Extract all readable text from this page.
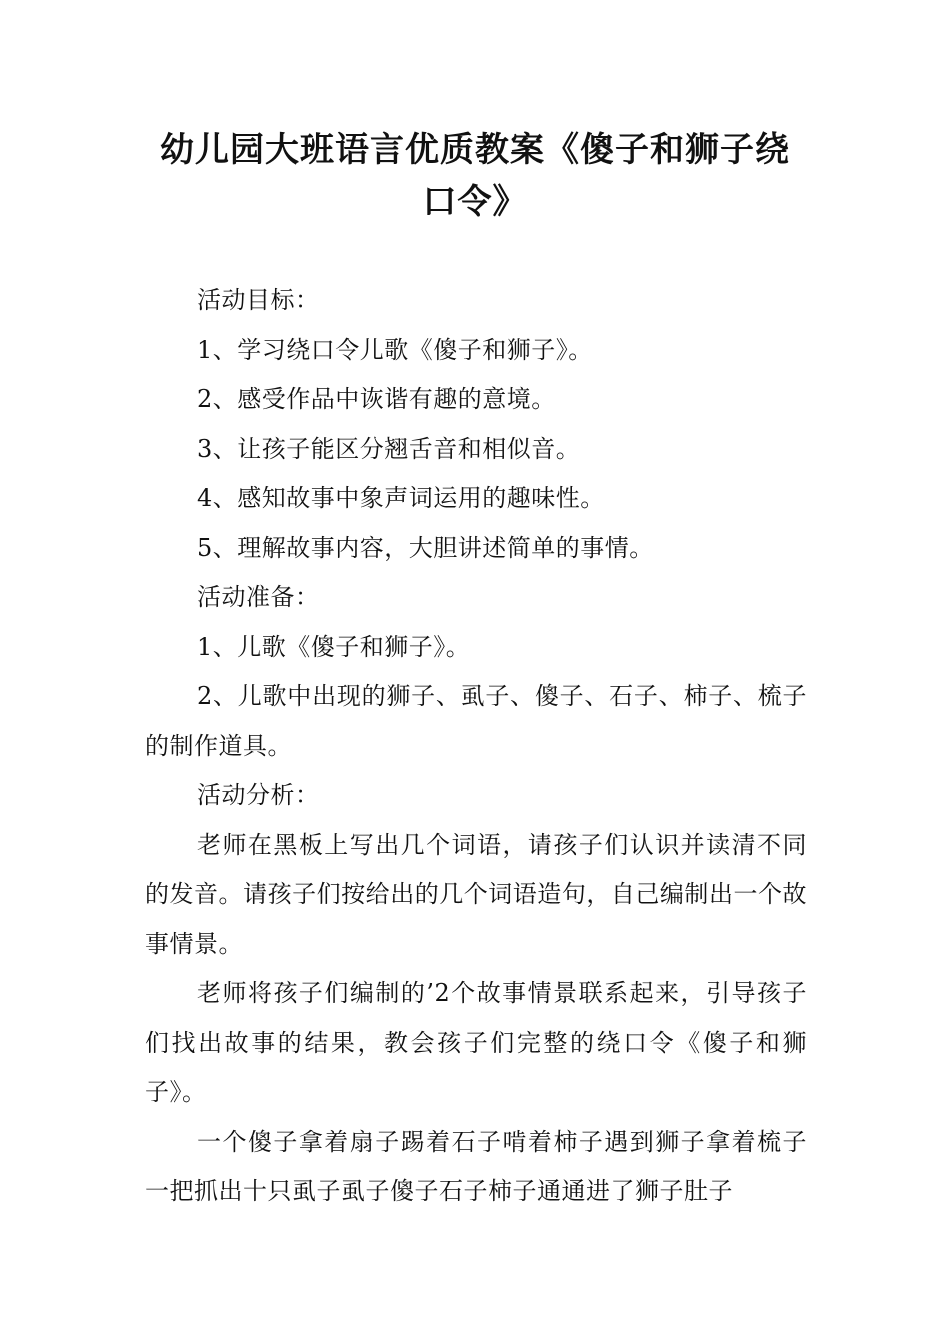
幼儿园大班语言优质教案《傻子和狮子绕口令》

活动目标：

1、学习绕口令儿歌《傻子和狮子》。

2、感受作品中诙谐有趣的意境。

3、让孩子能区分翘舌音和相似音。

4、感知故事中象声词运用的趣味性。

5、理解故事内容，大胆讲述简单的事情。

活动准备：

1、儿歌《傻子和狮子》。

2、儿歌中出现的狮子、虱子、傻子、石子、柿子、梳子的制作道具。

活动分析：

老师在黑板上写出几个词语，请孩子们认识并读清不同的发音。请孩子们按给出的几个词语造句，自己编制出一个故事情景。

老师将孩子们编制的’2个故事情景联系起来，引导孩子们找出故事的结果，教会孩子们完整的绕口令《傻子和狮子》。

一个傻子拿着扇子踢着石子啃着柿子遇到狮子拿着梳子一把抓出十只虱子虱子傻子石子柿子通通进了狮子肚子
